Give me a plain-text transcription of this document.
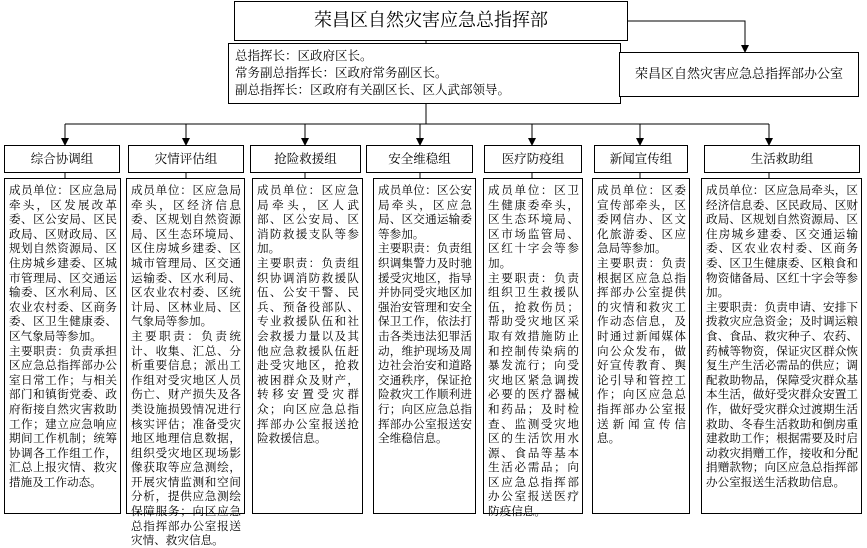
荣昌区自然灾害应急总指挥部
总指挥长：区政府区长。
常务副总指挥长：区政府常务副区长。
副总指挥长：区政府有关副区长、区人武部领导。
荣昌区自然灾害应急总指挥部办公室
综合协调组

成员单位：区应急局牵头，区发展改革委、区公安局、区民政局、区财政局、区规划自然资源局、区住房城乡建委、区城市管理局、区交通运输委、区水利局、区农业农村委、区商务委、区卫生健康委、区气象局等参加。

主要职责：负责承担区应急总指挥部办公室日常工作；与相关部门和镇街党委、政府衔接自然灾害救助工作；建立应急响应期间工作机制；统筹协调各工作组工作，汇总上报灾情、救灾措施及工作动态。

灾情评估组

成员单位：区应急局牵头，区经济信息委、区规划自然资源局、区生态环境局、区住房城乡建委、区城市管理局、区交通运输委、区水利局、区农业农村委、区统计局、区林业局、区气象局等参加。

主要职责：负责统计、收集、汇总、分析重要信息；派出工作组对受灾地区人员伤亡、财产损失及各类设施损毁情况进行核实评估；准备受灾地区地理信息数据，组织受灾地区现场影像获取等应急测绘，开展灾情监测和空间分析，提供应急测绘保障服务；向区应急总指挥部办公室报送灾情、救灾信息。

抢险救援组

成员单位：区应急局牵头，区人武部、区公安局、区消防救援支队等参加。

主要职责：负责组织协调消防救援队伍、公安干警、民兵、预备役部队、专业救援队伍和社会救援力量以及其他应急救援队伍赶赴受灾地区，抢救被困群众及财产，转移安置受灾群众；向区应急总指挥部办公室报送抢险救援信息。

安全维稳组

成员单位：区公安局牵头，区应急局、区交通运输委等参加。

主要职责：负责组织调集警力及时驰援受灾地区，指导并协同受灾地区加强治安管理和安全保卫工作，依法打击各类违法犯罪活动，维护现场及周边社会治安和道路交通秩序，保证抢险救灾工作顺利进行；向区应急总指挥部办公室报送安全维稳信息。

医疗防疫组

成员单位：区卫生健康委牵头，区生态环境局、区市场监管局、区红十字会等参加。

主要职责：负责组织卫生救援队伍，抢救伤员；帮助受灾地区采取有效措施防止和控制传染病的暴发流行；向受灾地区紧急调拨必要的医疗器械和药品；及时检查、监测受灾地区的生活饮用水源、食品等基本生活必需品；向区应急总指挥部办公室报送医疗防疫信息。

新闻宣传组

成员单位：区委宣传部牵头，区委网信办、区文化旅游委、区应急局等参加。

主要职责：负责根据区应急总指挥部办公室提供的灾情和救灾工作动态信息，及时通过新闻媒体向公众发布，做好宣传教育、舆论引导和管控工作；向区应急总指挥部办公室报送新闻宣传信息。

生活救助组

成员单位：区应急局牵头，区经济信息委、区民政局、区财政局、区规划自然资源局、区住房城乡建委、区交通运输委、区农业农村委、区商务委、区卫生健康委、区粮食和物资储备局、区红十字会等参加。

主要职责：负责申请、安排下拨救灾应急资金；及时调运粮食、食品、救灾种子、农药、药械等物资，保证灾区群众恢复生产生活必需品的供应；调配救助物品，保障受灾群众基本生活，做好受灾群众安置工作，做好受灾群众过渡期生活救助、冬春生活救助和倒房重建救助工作；根据需要及时启动救灾捐赠工作，接收和分配捐赠款物；向区应急总指挥部办公室报送生活救助信息。
